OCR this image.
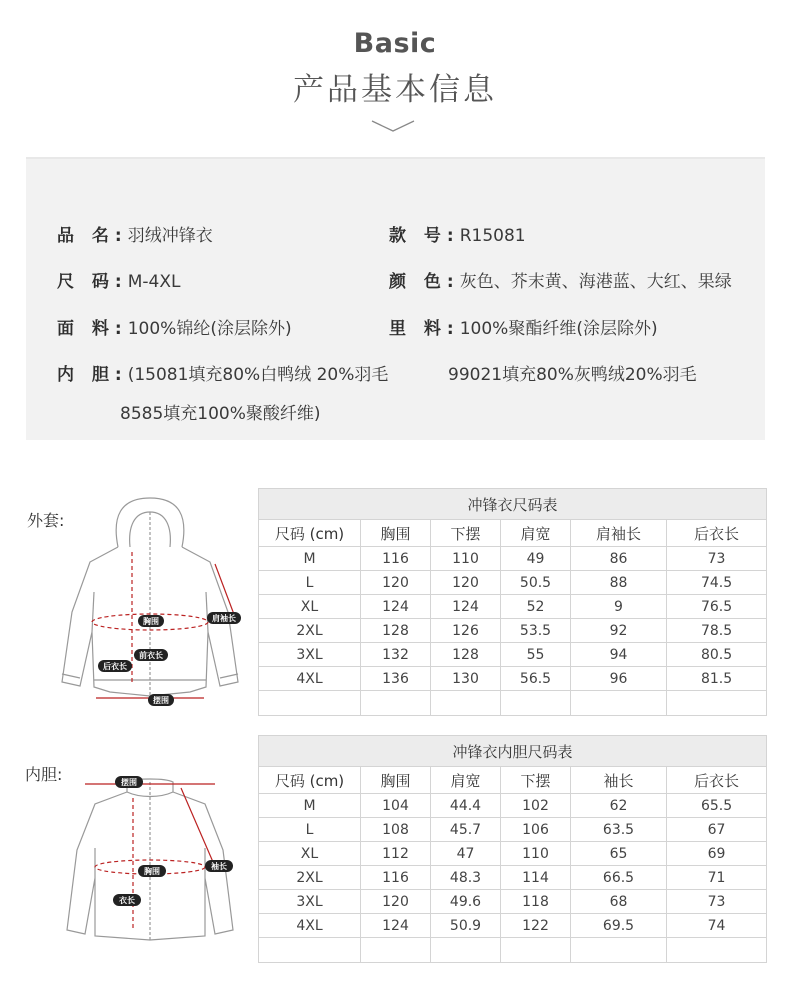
Basic
产品基本信息
品 名:羽绒冲锋衣	款 号:R15081
尺 码:M-4XL	颜 色:灰色、芥末黄、海港蓝、大红、果绿
面 料:100%锦纶(涂层除外)	里 料:100%聚酯纤维(涂层除外)
内 胆:(15081填充80%白鸭绒 20%羽毛	99021填充80%灰鸭绒20%羽毛
8585填充100%聚酸纤维)
外套:
胸围	肩袖长
前衣长
后衣长
摆围
冲锋衣尺码表					
尺码 (cm)	胸围	下摆	肩宽	肩袖长	后衣长
M	116	110	49	86	73
L	120	120	50.5	88	74.5
XL	124	124	52	9	76.5
2XL	128	126	53.5	92	78.5
3XL	132	128	55	94	80.5
4XL	136	130	56.5	96	81.5

内胆:	摆围
袖长
胸围
衣长
冲锋衣内胆尺码表					
尺码 (cm)	胸围	肩宽	下摆	袖长	后衣长
M	104	44.4	102	62	65.5
L	108	45.7	106	63.5	67
XL	112	47	110	65	69
2XL	116	48.3	114	66.5	71
3XL	120	49.6	118	68	73
4XL	124	50.9	122	69.5	74
